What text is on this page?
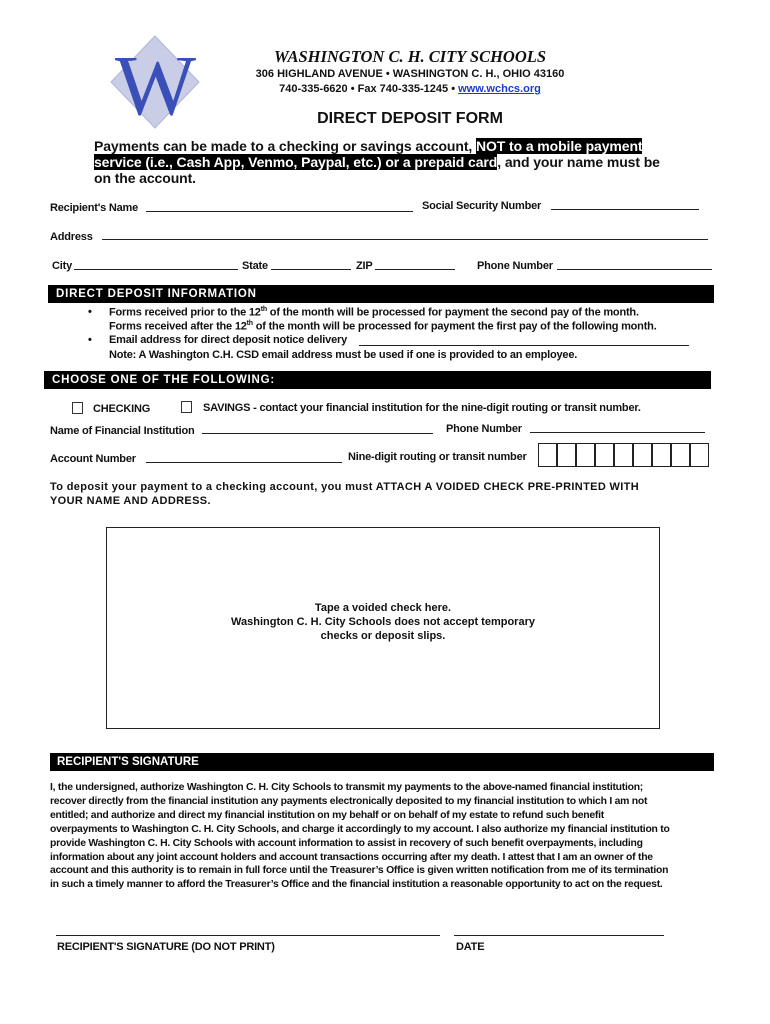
W	WASHINGTON C. H. CITY SCHOOLS
306 HIGHLAND AVENUE • WASHINGTON C. H., OHIO 43160
740-335-6620 • Fax 740-335-1245 • www.wchcs.org
DIRECT DEPOSIT FORM
Payments can be made to a checking or savings account, NOT to a mobile payment
service (i.e., Cash App, Venmo, Paypal, etc.) or a prepaid card, and your name must be
on the account.
Recipient's Name	Social Security Number
Address
City	State	ZIP	Phone Number
DIRECT DEPOSIT INFORMATION
• Forms received prior to the 12th of the month will be processed for payment the second pay of the month.
Forms received after the 12th of the month will be processed for payment the first pay of the following month.
• Email address for direct deposit notice delivery
Note: A Washington C.H. CSD email address must be used if one is provided to an employee.
CHOOSE ONE OF THE FOLLOWING:
CHECKING	SAVINGS - contact your financial institution for the nine-digit routing or transit number.
Name of Financial Institution	Phone Number
Account Number	Nine-digit routing or transit number
To deposit your payment to a checking account, you must ATTACH A VOIDED CHECK PRE-PRINTED WITH
YOUR NAME AND ADDRESS.
Tape a voided check here.
Washington C. H. City Schools does not accept temporary
checks or deposit slips.
RECIPIENT'S SIGNATURE
I, the undersigned, authorize Washington C. H. City Schools to transmit my payments to the above-named financial institution;
recover directly from the financial institution any payments electronically deposited to my financial institution to which I am not
entitled; and authorize and direct my financial institution on my behalf or on behalf of my estate to refund such benefit
overpayments to Washington C. H. City Schools, and charge it accordingly to my account. I also authorize my financial institution to
provide Washington C. H. City Schools with account information to assist in recovery of such benefit overpayments, including
information about any joint account holders and account transactions occurring after my death. I attest that I am an owner of the
account and this authority is to remain in full force until the Treasurer’s Office is given written notification from me of its termination
in such a timely manner to afford the Treasurer’s Office and the financial institution a reasonable opportunity to act on the request.
RECIPIENT'S SIGNATURE (DO NOT PRINT)	DATE
